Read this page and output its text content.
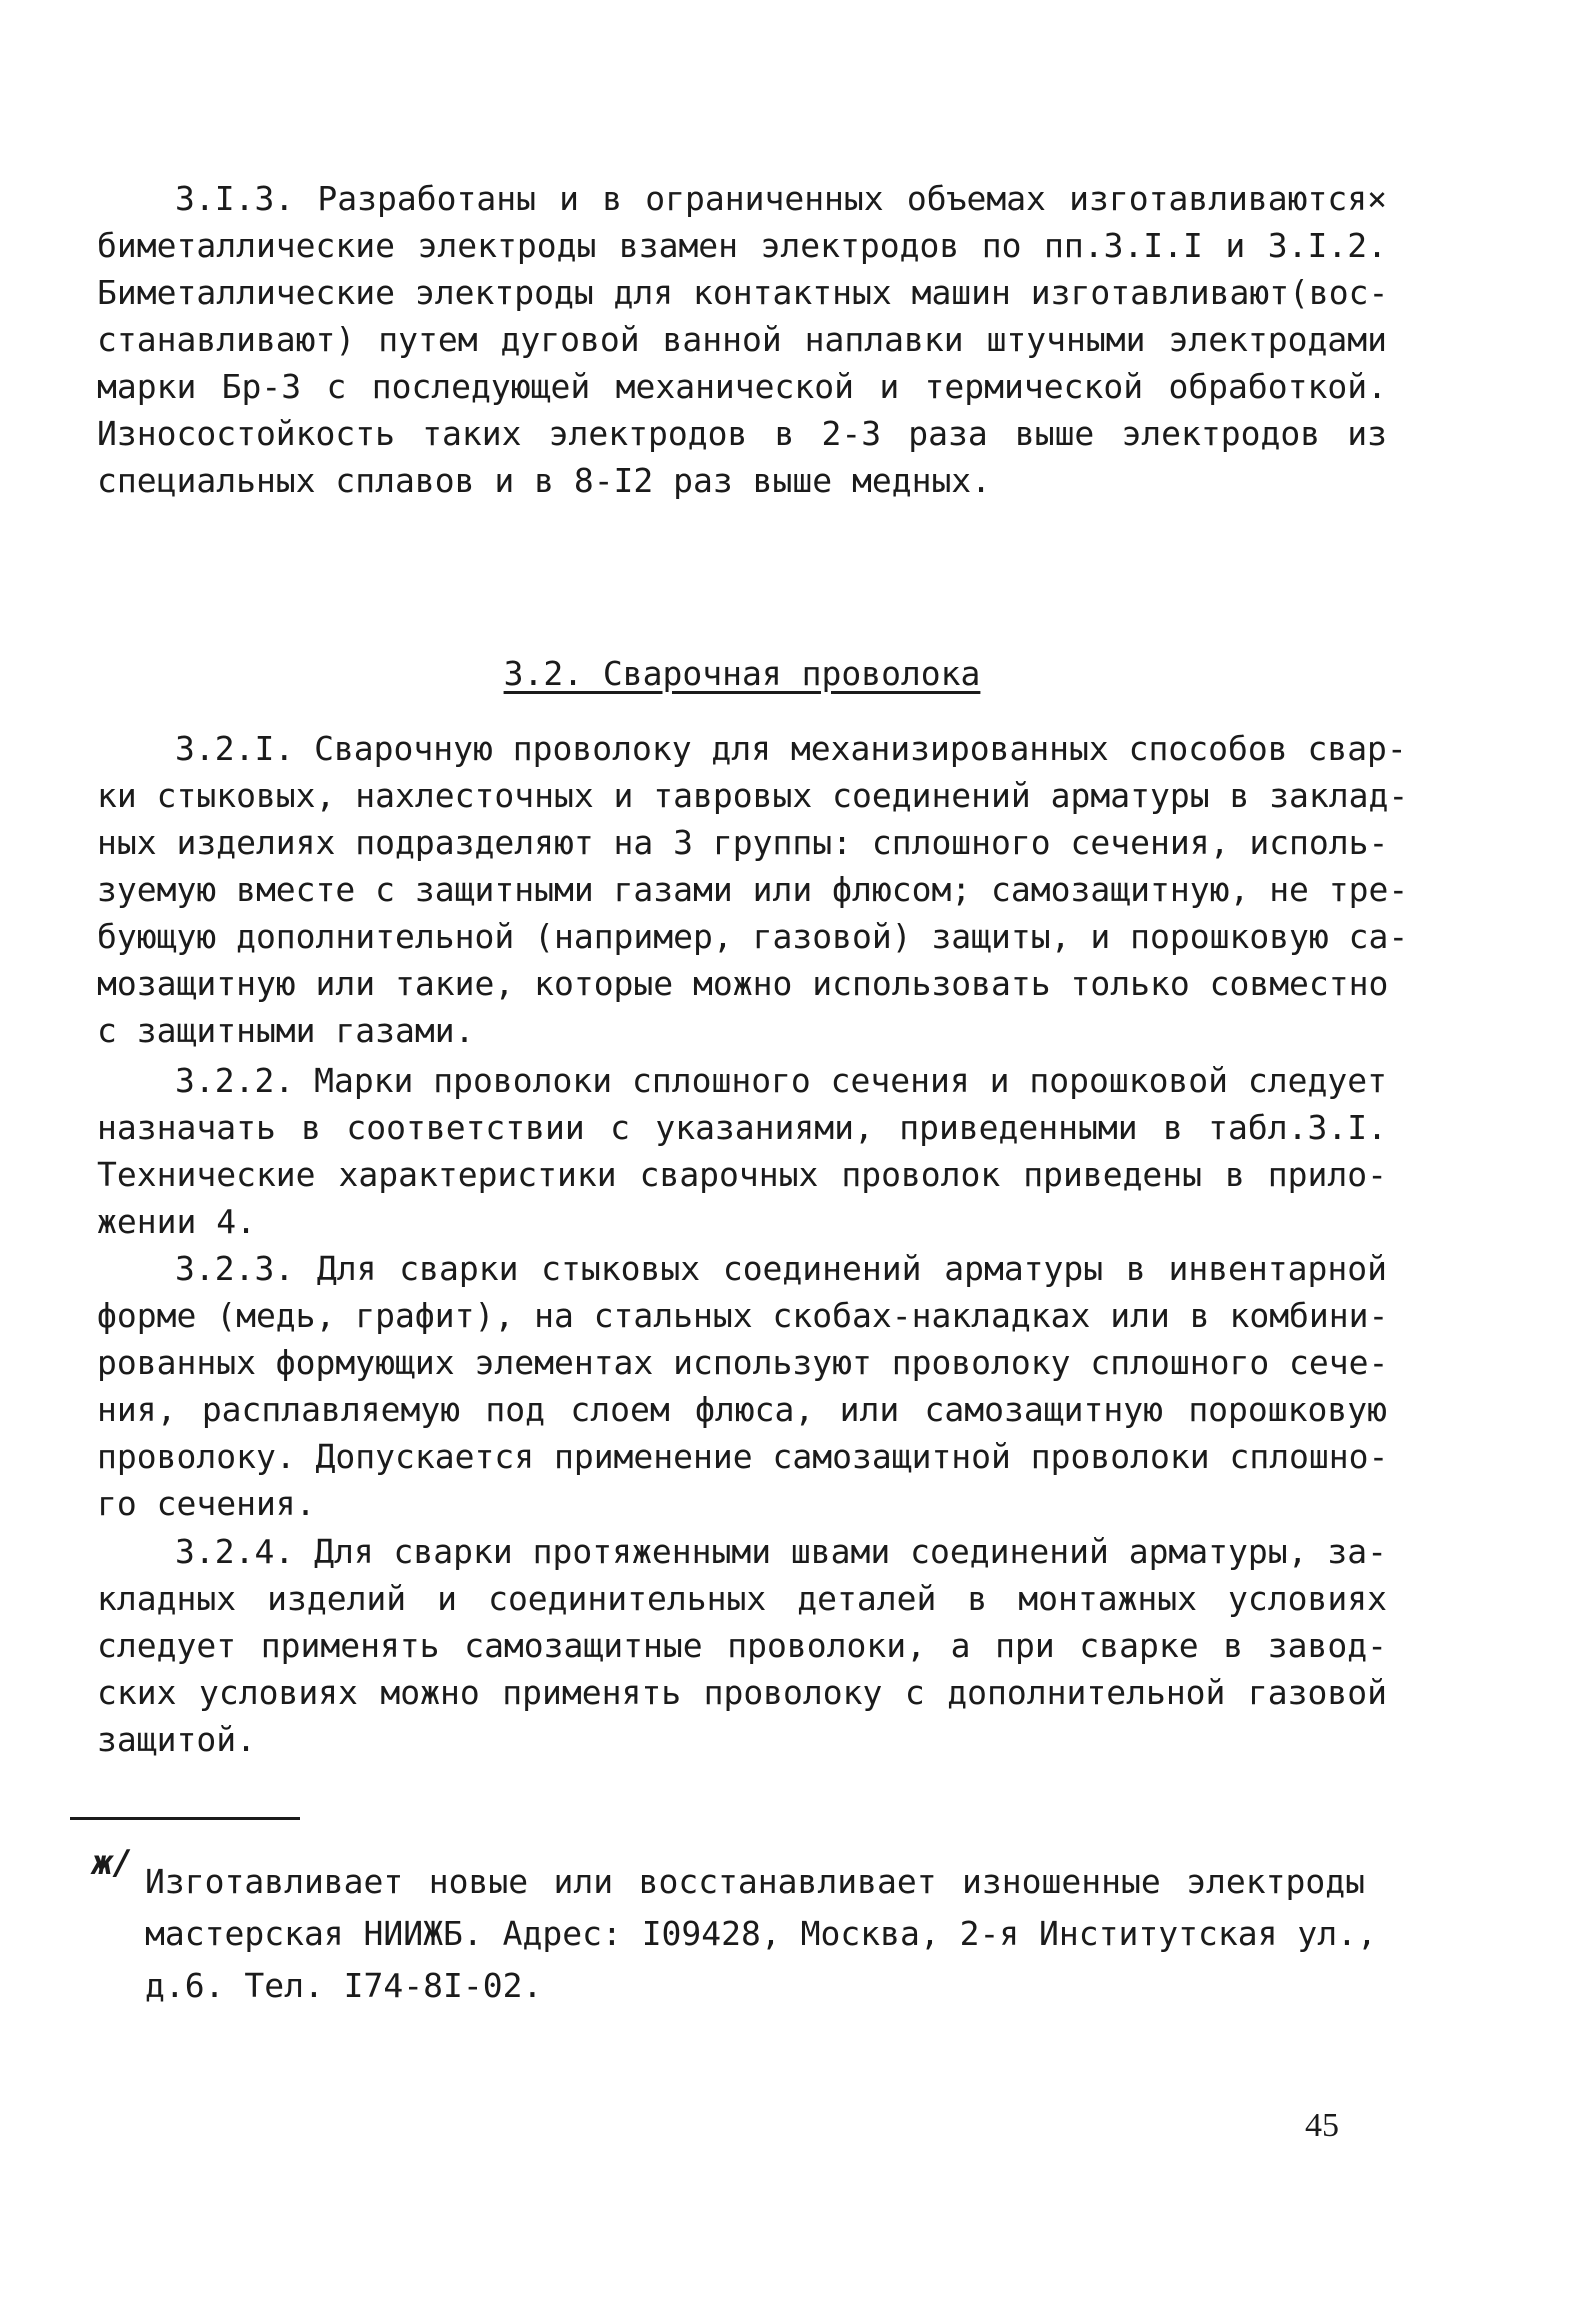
3.I.3. Разработаны и в ограниченных объемах изготавливаются×
биметаллические электроды взамен электродов по пп.3.I.I и 3.I.2.
Биметаллические электроды для контактных машин изготавливают(вос-
станавливают) путем дуговой ванной наплавки штучными электродами
марки Бр-3 с последующей механической и термической обработкой.
Износостойкость таких электродов в 2-3 раза выше электродов из
специальных сплавов и в 8-I2 раз выше медных.
3.2. Сварочная проволока
3.2.I. Сварочную проволоку для механизированных способов свар-
ки стыковых, нахлесточных и тавровых соединений арматуры в заклад-
ных изделиях подразделяют на 3 группы: сплошного сечения, исполь-
зуемую вместе с защитными газами или флюсом; самозащитную, не тре-
бующую дополнительной (например, газовой) защиты, и порошковую са-
мозащитную или такие, которые можно использовать только совместно
с защитными газами.
3.2.2. Марки проволоки сплошного сечения и порошковой следует
назначать в соответствии с указаниями, приведенными в табл.3.I.
Технические характеристики сварочных проволок приведены в прило-
жении 4.
3.2.3. Для сварки стыковых соединений арматуры в инвентарной
форме (медь, графит), на стальных скобах-накладках или в комбини-
рованных формующих элементах используют проволоку сплошного сече-
ния, расплавляемую под слоем флюса, или самозащитную порошковую
проволоку. Допускается применение самозащитной проволоки сплошно-
го сечения.
3.2.4. Для сварки протяженными швами соединений арматуры, за-
кладных изделий и соединительных деталей в монтажных условиях
следует применять самозащитные проволоки, а при сварке в завод-
ских условиях можно применять проволоку с дополнительной газовой
защитой.
ж/ Изготавливает новые или восстанавливает изношенные электроды
мастерская НИИЖБ. Адрес: I09428, Москва, 2-я Институтская ул.,
д.6. Тел. I74-8I-02.
45
